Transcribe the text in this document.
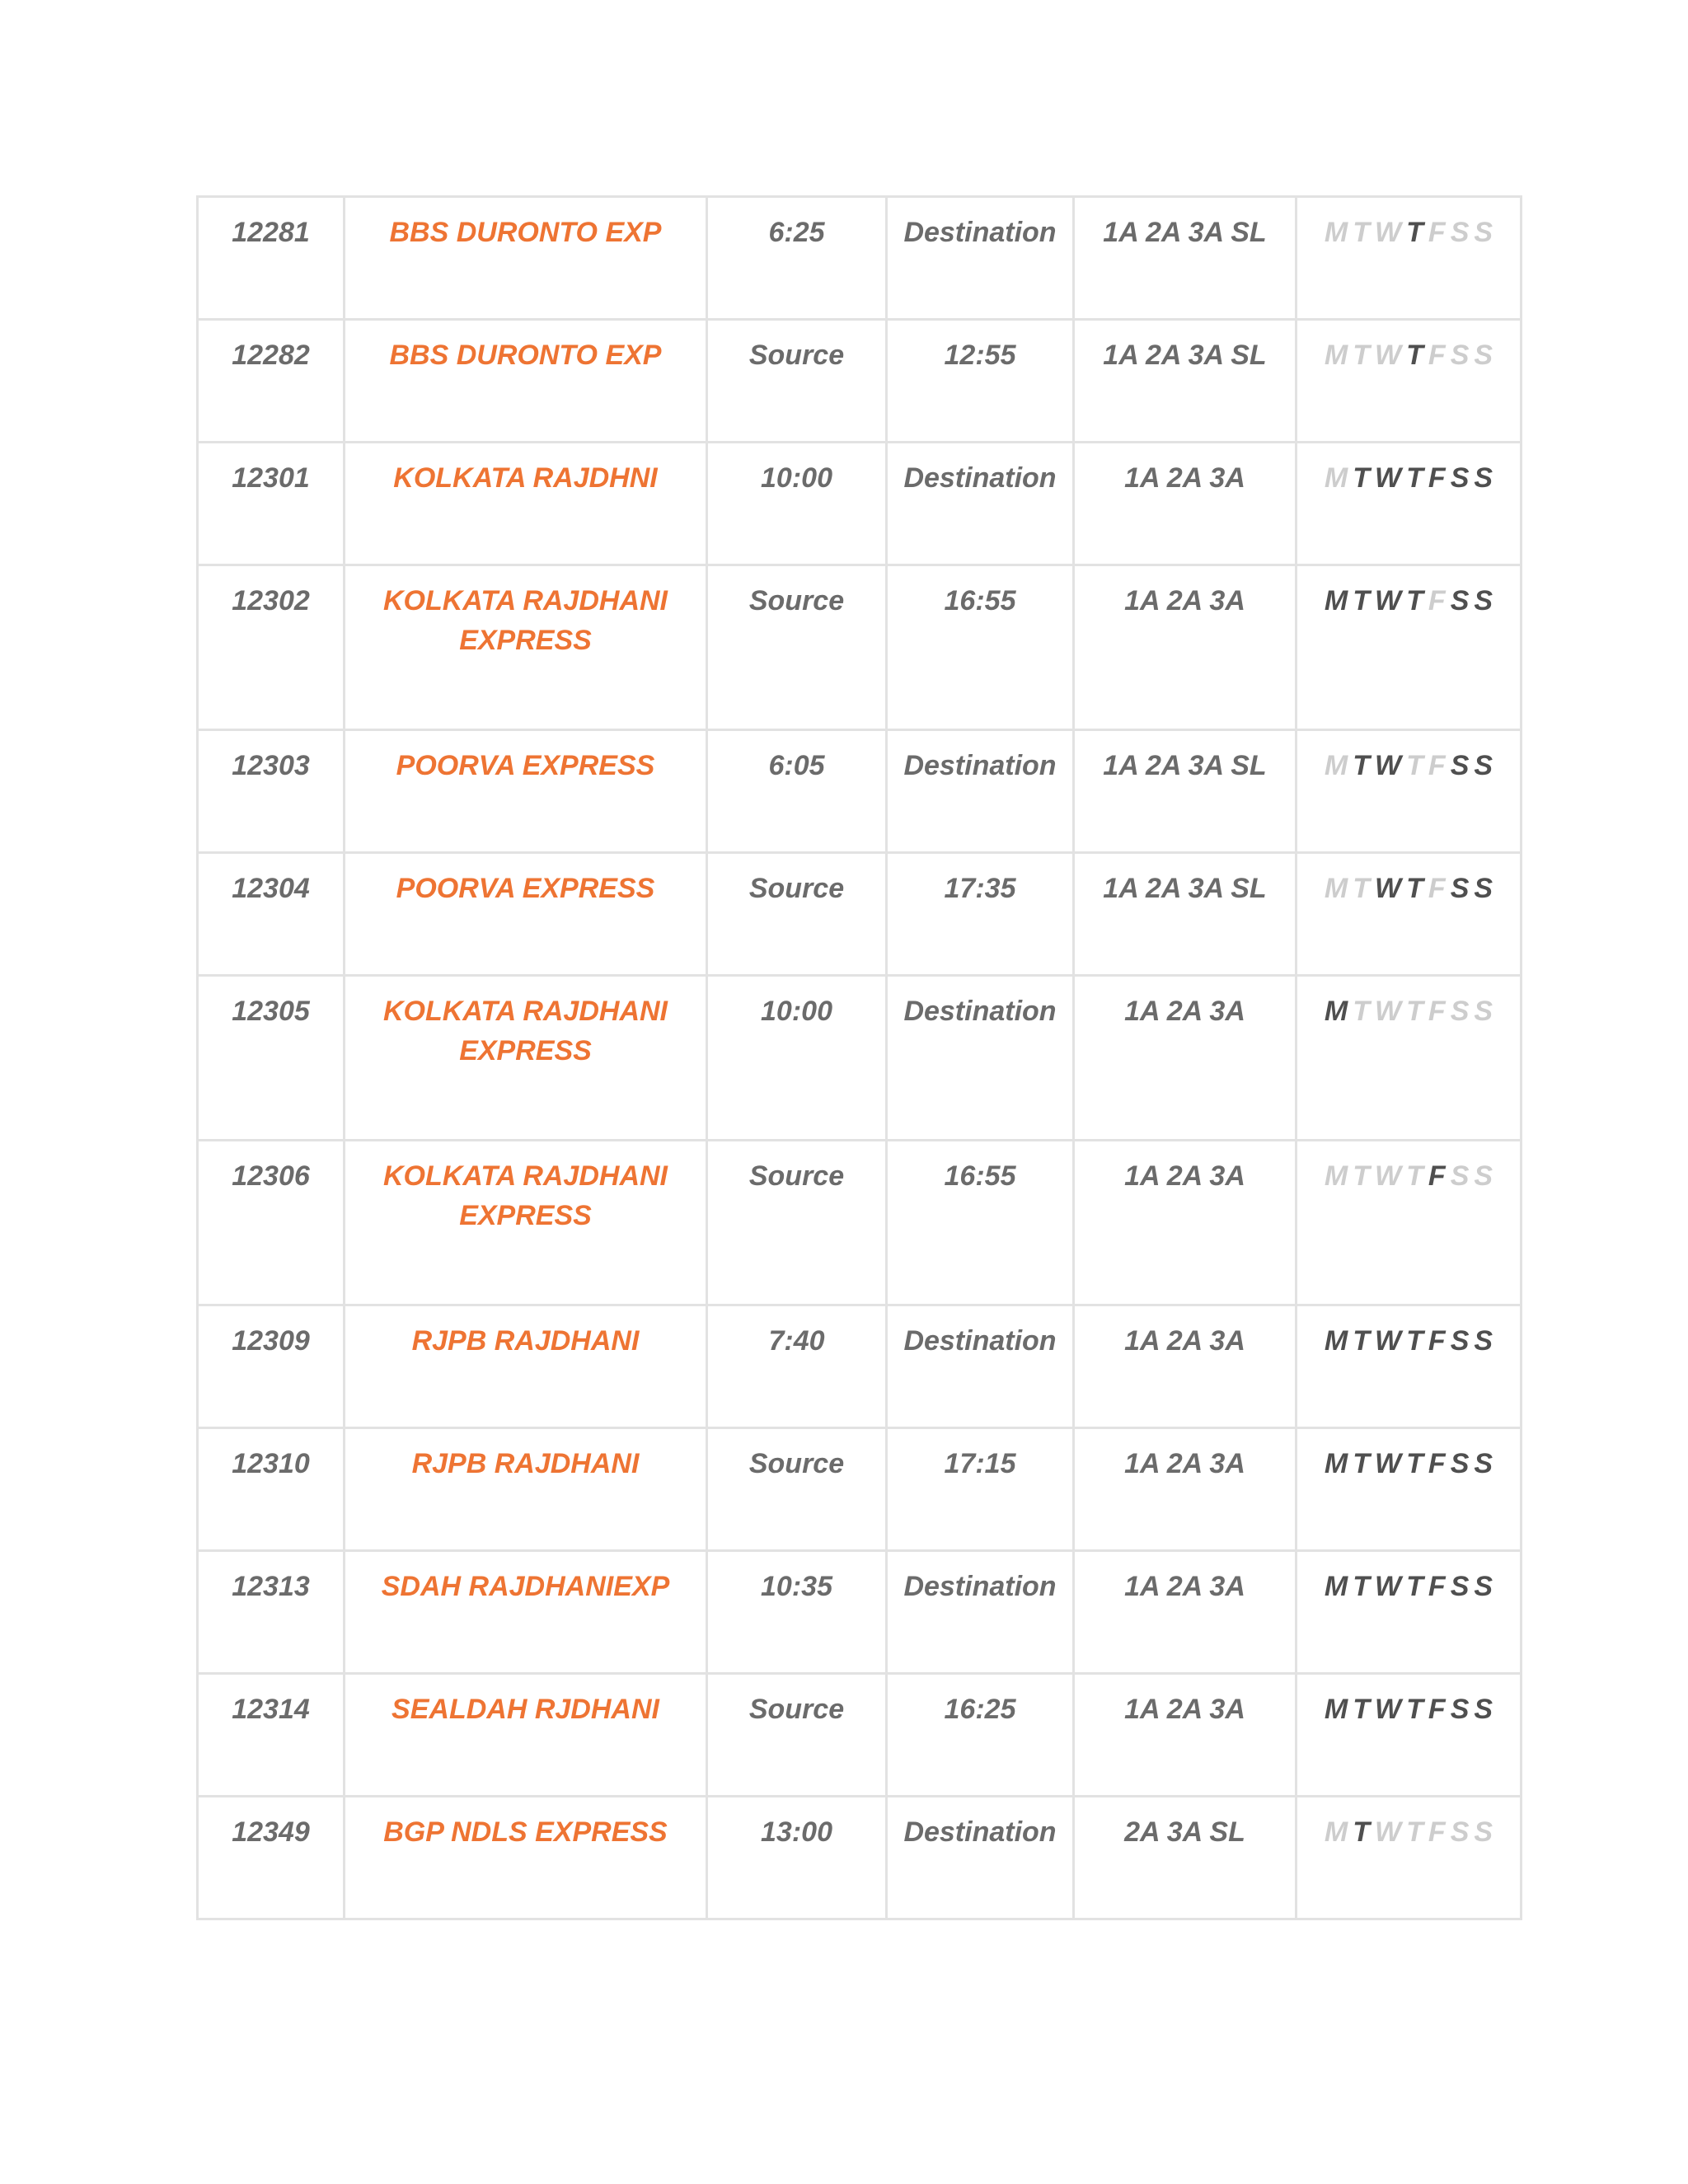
12281	BBS DURONTO EXP	6:25	Destination	1A 2A 3A SL	M T W T F S S
12282	BBS DURONTO EXP	Source	12:55	1A 2A 3A SL	M T W T F S S
12301	KOLKATA RAJDHNI	10:00	Destination	1A 2A 3A	M T W T F S S
12302	KOLKATA RAJDHANI EXPRESS	Source	16:55	1A 2A 3A	M T W T F S S
12303	POORVA EXPRESS	6:05	Destination	1A 2A 3A SL	M T W T F S S
12304	POORVA EXPRESS	Source	17:35	1A 2A 3A SL	M T W T F S S
12305	KOLKATA RAJDHANI EXPRESS	10:00	Destination	1A 2A 3A	M T W T F S S
12306	KOLKATA RAJDHANI EXPRESS	Source	16:55	1A 2A 3A	M T W T F S S
12309	RJPB RAJDHANI	7:40	Destination	1A 2A 3A	M T W T F S S
12310	RJPB RAJDHANI	Source	17:15	1A 2A 3A	M T W T F S S
12313	SDAH RAJDHANIEXP	10:35	Destination	1A 2A 3A	M T W T F S S
12314	SEALDAH RJDHANI	Source	16:25	1A 2A 3A	M T W T F S S
12349	BGP NDLS EXPRESS	13:00	Destination	2A 3A SL	M T W T F S S
